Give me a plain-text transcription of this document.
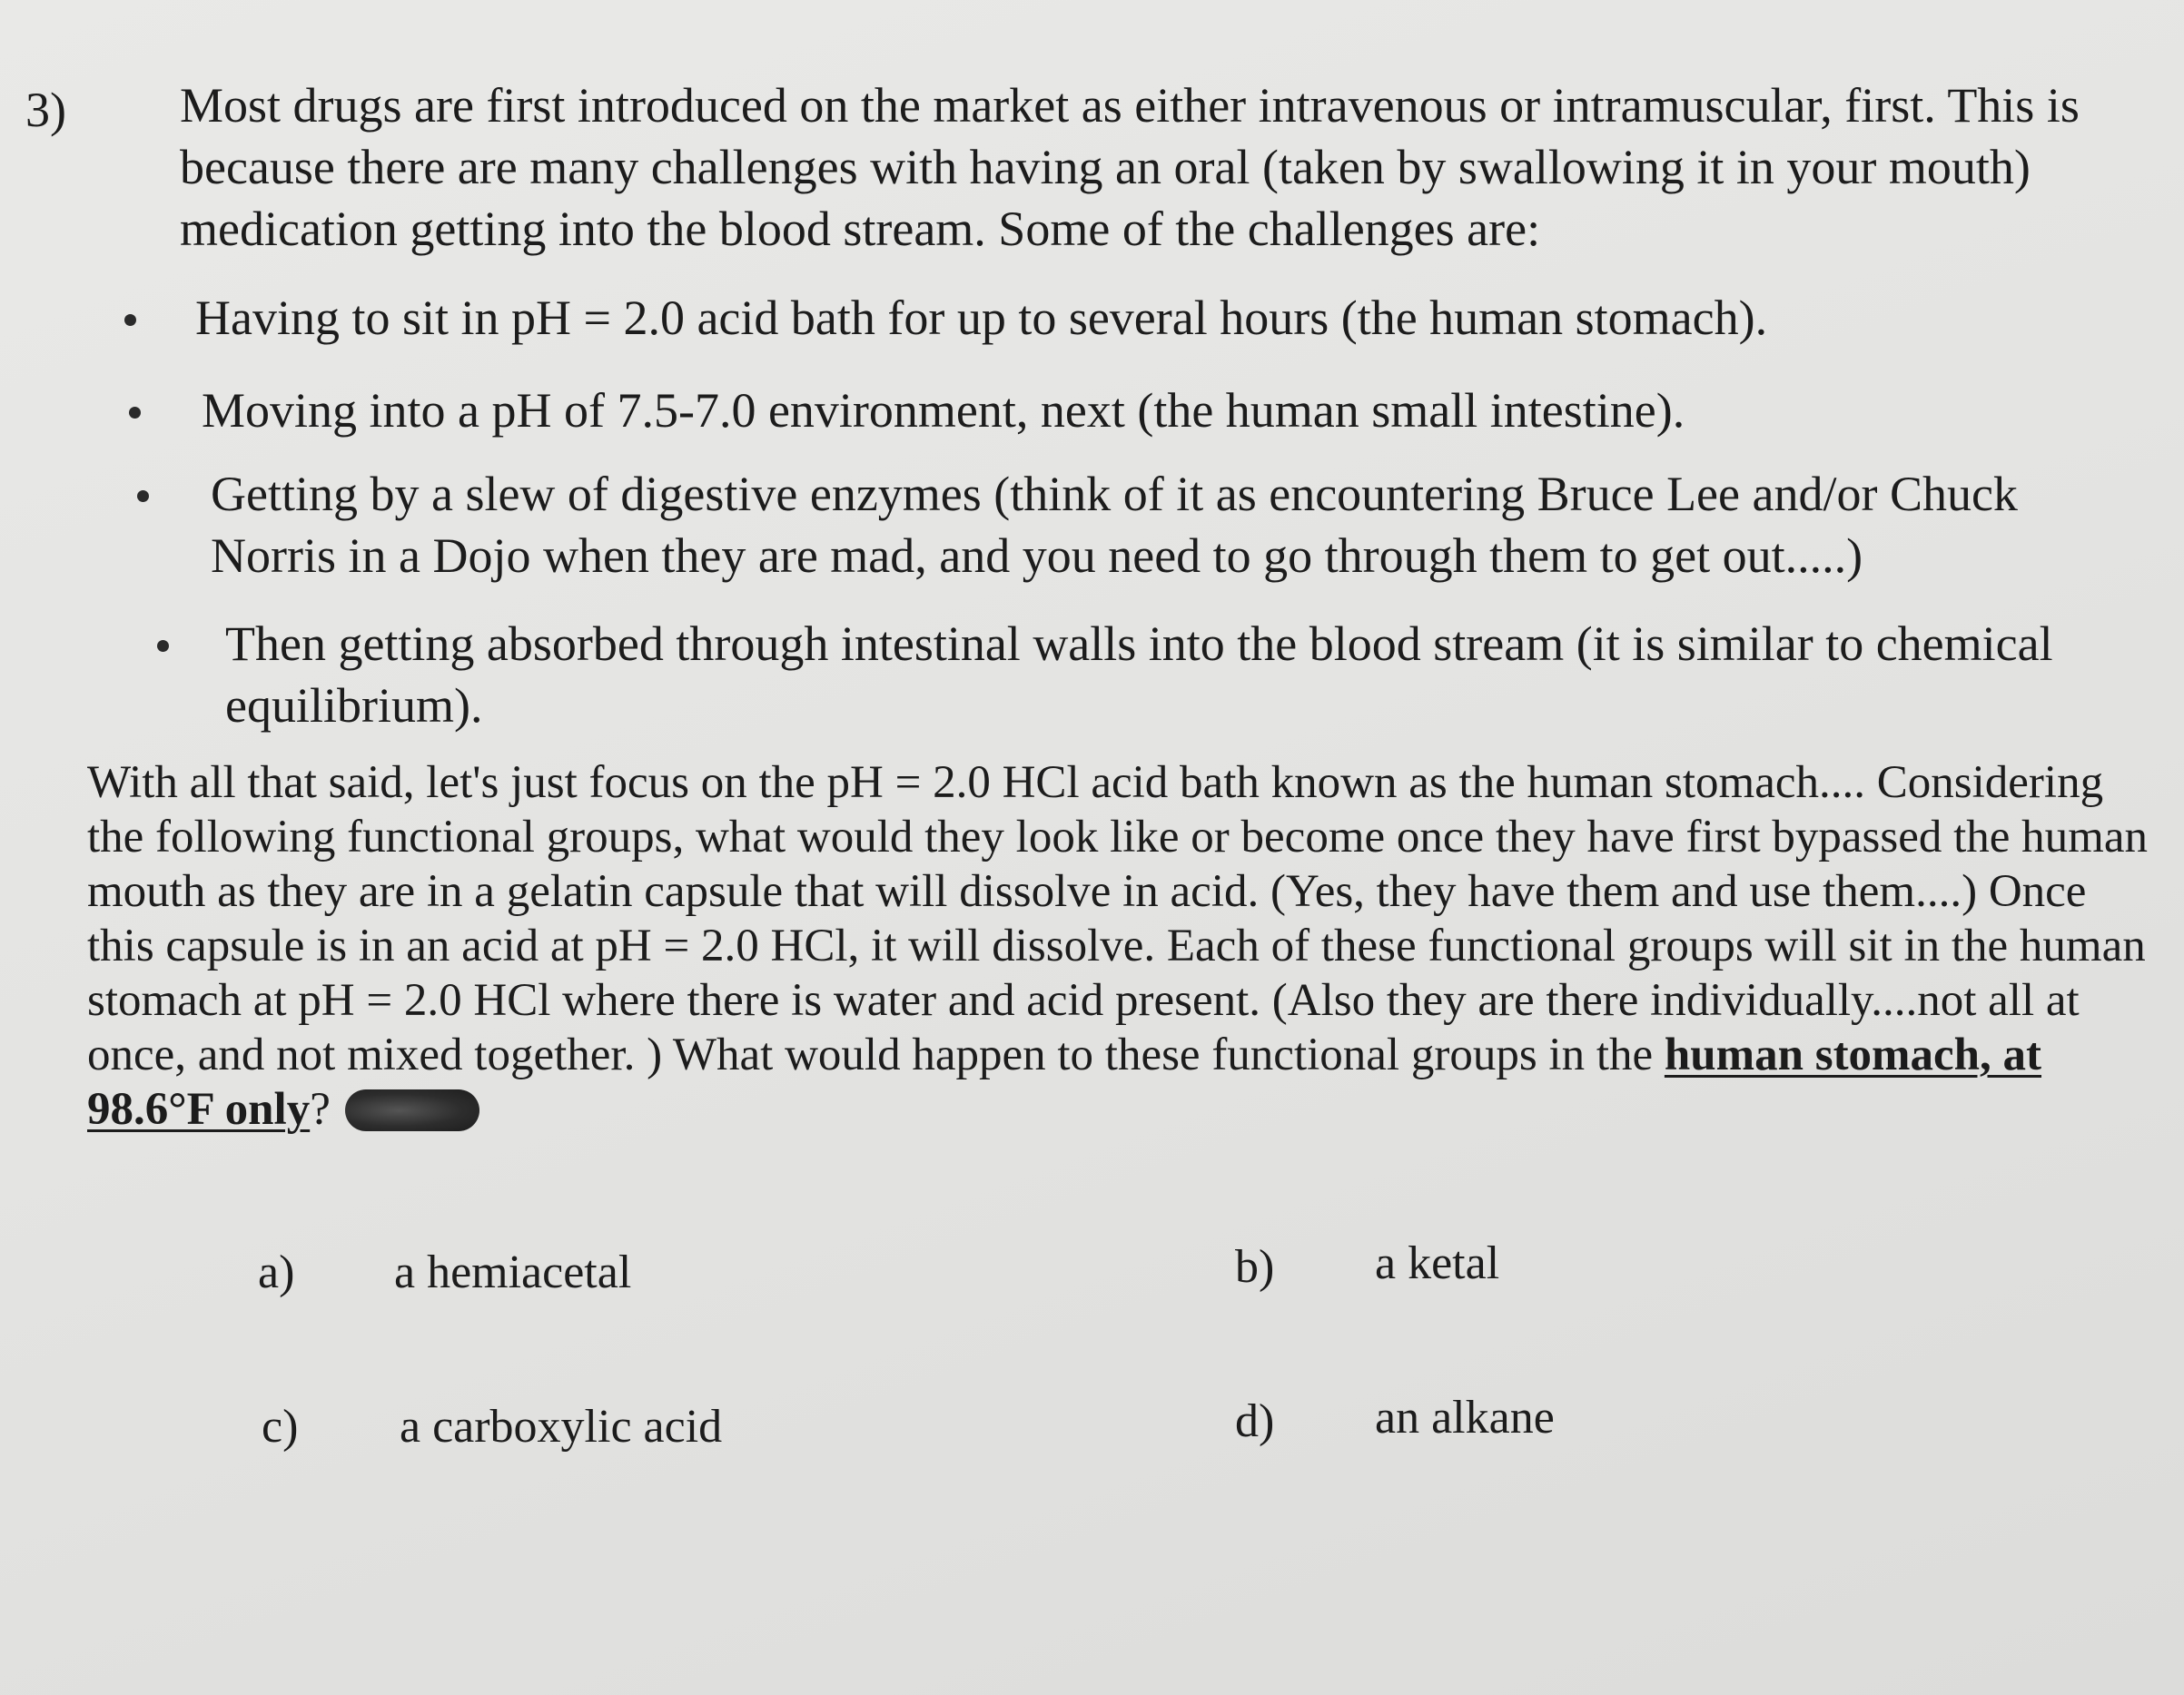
3) Most drugs are first introduced on the market as either intravenous or intramuscular, first. This is because there are many challenges with having an oral (taken by swallowing it in your mouth) medication getting into the blood stream. Some of the challenges are:
Having to sit in pH = 2.0 acid bath for up to several hours (the human stomach).
Moving into a pH of 7.5-7.0 environment, next (the human small intestine).
Getting by a slew of digestive enzymes (think of it as encountering Bruce Lee and/or Chuck Norris in a Dojo when they are mad, and you need to go through them to get out.....)
Then getting absorbed through intestinal walls into the blood stream (it is similar to chemical equilibrium).
With all that said, let's just focus on the pH = 2.0 HCl acid bath known as the human stomach.... Considering the following functional groups, what would they look like or become once they have first bypassed the human mouth as they are in a gelatin capsule that will dissolve in acid. (Yes, they have them and use them....) Once this capsule is in an acid at pH = 2.0 HCl, it will dissolve. Each of these functional groups will sit in the human stomach at pH = 2.0 HCl where there is water and acid present. (Also they are there individually....not all at once, and not mixed together. ) What would happen to these functional groups in the human stomach, at 98.6°F only?
a) a hemiacetal	b) a ketal
c) a carboxylic acid	d) an alkane
